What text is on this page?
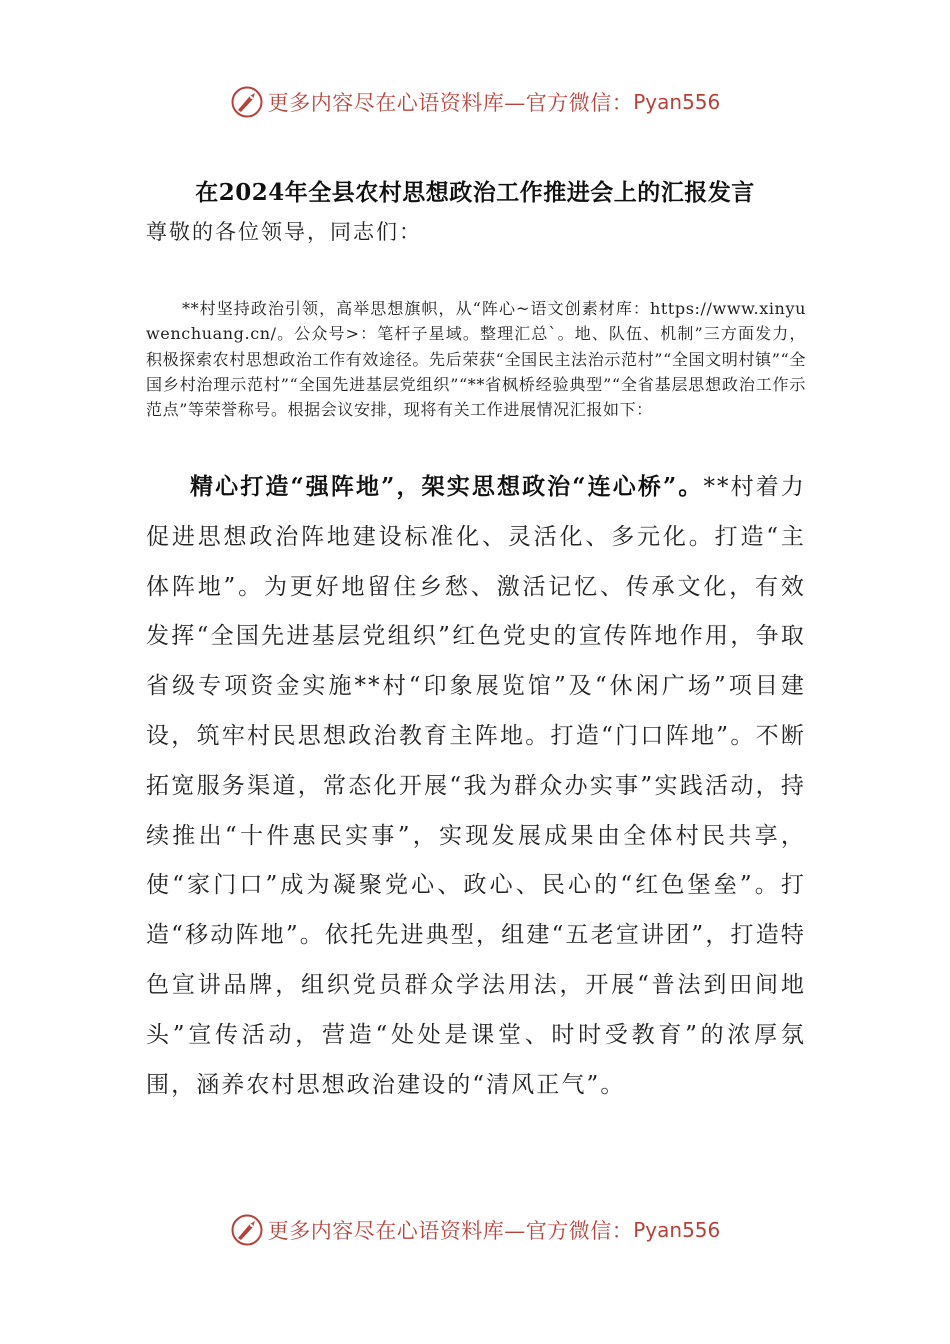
更多内容尽在心语资料库—官方微信： Pyan556
在2024年全县农村思想政治工作推进会上的汇报发言
尊敬的各位领导，同志们：

**村坚持政治引领，高举思想旗帜，从“阵心~语文创素材库：https://www.xinyuwenchuang.cn/。公众号>：笔杆子星域。整理汇总`。地、队伍、机制”三方面发力，积极探索农村思想政治工作有效途径。先后荣获“全国民主法治示范村”“全国文明村镇”“全国乡村治理示范村”“全国先进基层党组织”“**省枫桥经验典型”“全省基层思想政治工作示范点”等荣誉称号。根据会议安排，现将有关工作进展情况汇报如下：

精心打造“强阵地”，架实思想政治“连心桥”。**村着力促进思想政治阵地建设标准化、灵活化、多元化。打造“主体阵地”。为更好地留住乡愁、激活记忆、传承文化，有效发挥“全国先进基层党组织”红色党史的宣传阵地作用，争取省级专项资金实施**村“印象展览馆”及“休闲广场”项目建设，筑牢村民思想政治教育主阵地。打造“门口阵地”。不断拓宽服务渠道，常态化开展“我为群众办实事”实践活动，持续推出“十件惠民实事”，实现发展成果由全体村民共享，使“家门口”成为凝聚党心、政心、民心的“红色堡垒”。打造“移动阵地”。依托先进典型，组建“五老宣讲团”，打造特色宣讲品牌，组织党员群众学法用法，开展“普法到田间地头”宣传活动，营造“处处是课堂、时时受教育”的浓厚氛围，涵养农村思想政治建设的“清风正气”。

更多内容尽在心语资料库—官方微信： Pyan556
